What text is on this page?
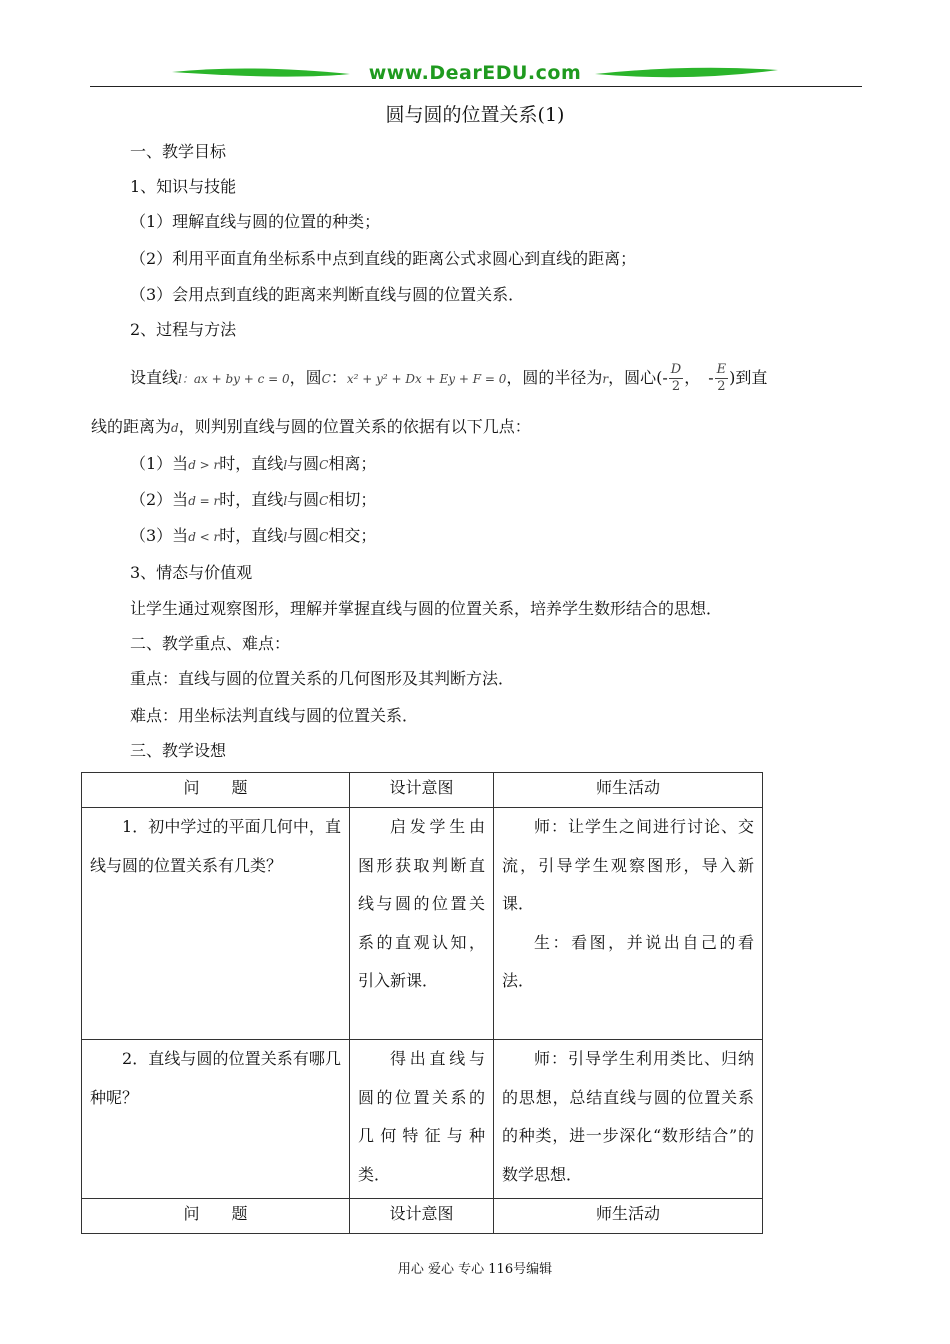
www.DearEDU.com
圆与圆的位置关系(1)
一、教学目标
1、知识与技能
（1）理解直线与圆的位置的种类；
（2）利用平面直角坐标系中点到直线的距离公式求圆心到直线的距离；
（3）会用点到直线的距离来判断直线与圆的位置关系．
2、过程与方法
设直线l：ax + by + c = 0，圆C：x² + y² + Dx + Ey + F = 0，圆的半径为r，圆心(- $\frac{D}{2}$ ，　- $\frac{E}{2}$ )到直
线的距离为d，则判别直线与圆的位置关系的依据有以下几点：
（1）当d > r时，直线l与圆C相离；
（2）当d = r时，直线l与圆C相切；
（3）当d < r时，直线l与圆C相交；
3、情态与价值观
让学生通过观察图形，理解并掌握直线与圆的位置关系，培养学生数形结合的思想．
二、教学重点、难点：
重点：直线与圆的位置关系的几何图形及其判断方法．
难点：用坐标法判直线与圆的位置关系．
三、教学设想
问　　题	设计意图	师生活动

1．初中学过的平面几何中，直线与圆的位置关系有几类？	启发学生由图形获取判断直线与圆的位置关系的直观认知，引入新课．	师：让学生之间进行讨论、交流，引导学生观察图形，导入新课．
生：看图，并说出自己的看法．

2．直线与圆的位置关系有哪几种呢？	得出直线与圆的位置关系的几何特征与种类．	师：引导学生利用类比、归纳的思想，总结直线与圆的位置关系的种类，进一步深化“数形结合”的数学思想．

问　　题	设计意图	师生活动
用心 爱心 专心 116号编辑
